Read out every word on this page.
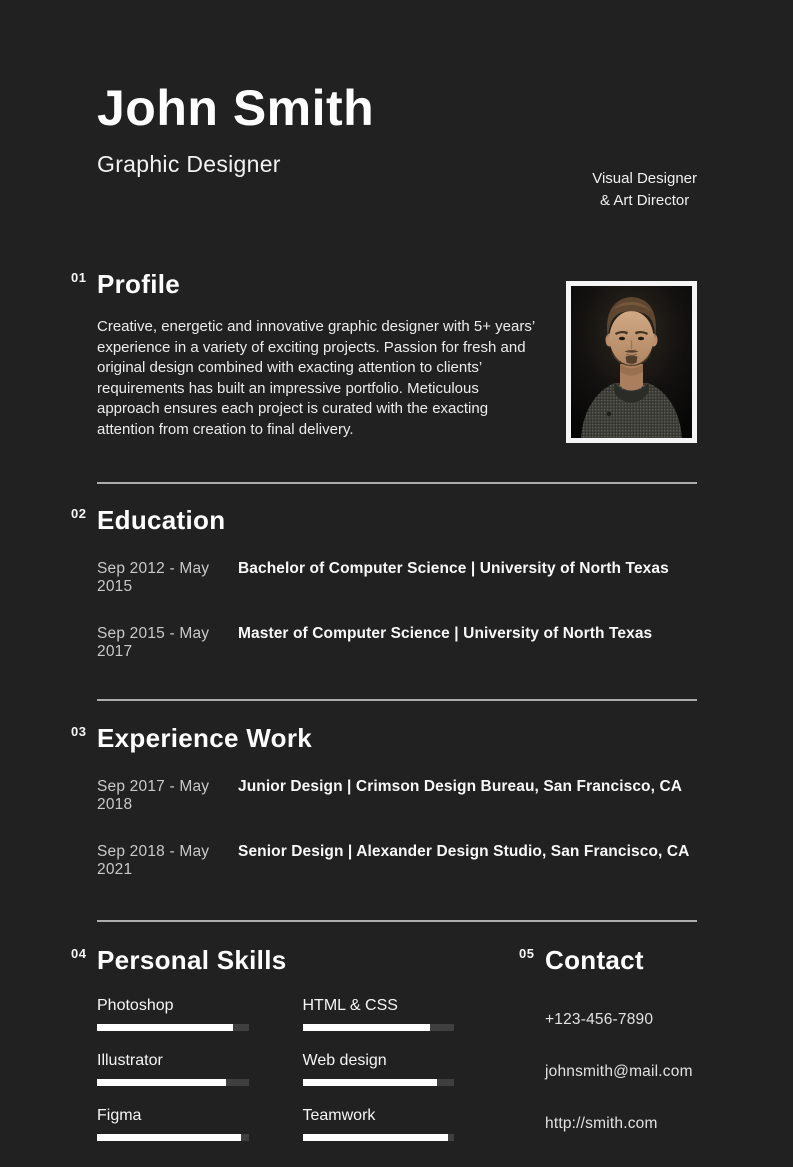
John Smith
Graphic Designer
Visual Designer
& Art Director
01 Profile

Creative, energetic and innovative graphic designer with 5+ years’ experience in a variety of exciting projects. Passion for fresh and original design combined with exacting attention to clients’ requirements has built an impressive portfolio. Meticulous approach ensures each project is curated with the exacting attention from creation to final delivery.

02 Education
Sep 2012 - May 2015
Bachelor of Computer Science | University of North Texas
Sep 2015 - May 2017
Master of Computer Science | University of North Texas
03 Experience Work
Sep 2017 - May 2018
Junior Design | Crimson Design Bureau, San Francisco, CA
Sep 2018 - May 2021
Senior Design | Alexander Design Studio, San Francisco, CA
04 Personal Skills
Photoshop
Illustrator
Figma
HTML & CSS
Web design
Teamwork
05 Contact
+123-456-7890
johnsmith@mail.com
http://smith.com
